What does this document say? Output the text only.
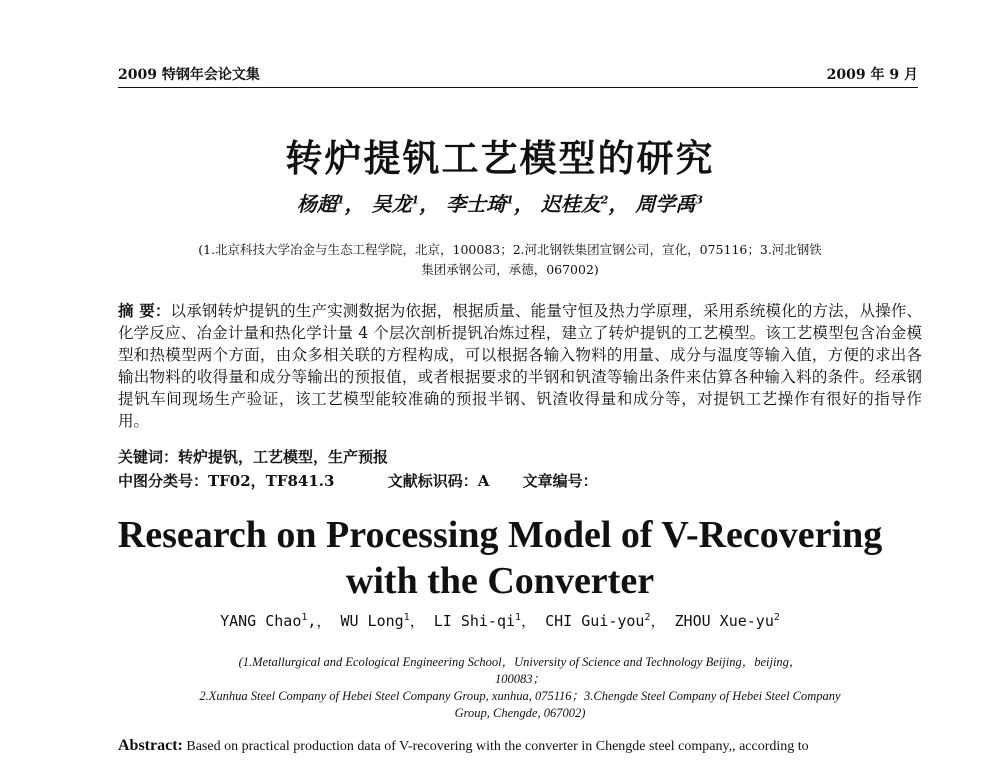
2009 特钢年会论文集	2009 年 9 月
转炉提钒工艺模型的研究
杨超$^1$， 吴龙$^1$， 李士琦$^1$， 迟桂友$^2$， 周学禹$^3$
(1.北京科技大学冶金与生态工程学院，北京，100083；2.河北钢铁集团宣钢公司，宣化，075116；3.河北钢铁
集团承钢公司，承德，067002)
摘 要：以承钢转炉提钒的生产实测数据为依据，根据质量、能量守恒及热力学原理，采用系统模化的方法，从操作、化学反应、冶金计量和热化学计量 4 个层次剖析提钒冶炼过程，建立了转炉提钒的工艺模型。该工艺模型包含冶金模型和热模型两个方面，由众多相关联的方程构成，可以根据各输入物料的用量、成分与温度等输入值，方便的求出各输出物料的收得量和成分等输出的预报值，或者根据要求的半钢和钒渣等输出条件来估算各种输入料的条件。经承钢提钒车间现场生产验证，该工艺模型能较准确的预报半钢、钒渣收得量和成分等，对提钒工艺操作有很好的指导作用。
关键词：转炉提钒，工艺模型，生产预报
中图分类号：TF02，TF841.3	文献标识码：A 文章编号：
Research on Processing Model of V-Recovering
with the Converter
YANG Chao$^1$,， WU Long$^1$， LI Shi-$qi^1$， CHI Gui-you$^2$， ZHOU Xue-$yu^2$
(1.Metallurgical and Ecological Engineering School，University of Science and Technology Beijing，beijing，
100083；
2.Xunhua Steel Company of Hebei Steel Company Group, xunhua, 075116；3.Chengde Steel Company of Hebei Steel Company
Group, Chengde, 067002)
Abstract: Based on practical production data of V-recovering with the converter in Chengde steel company,, according to
